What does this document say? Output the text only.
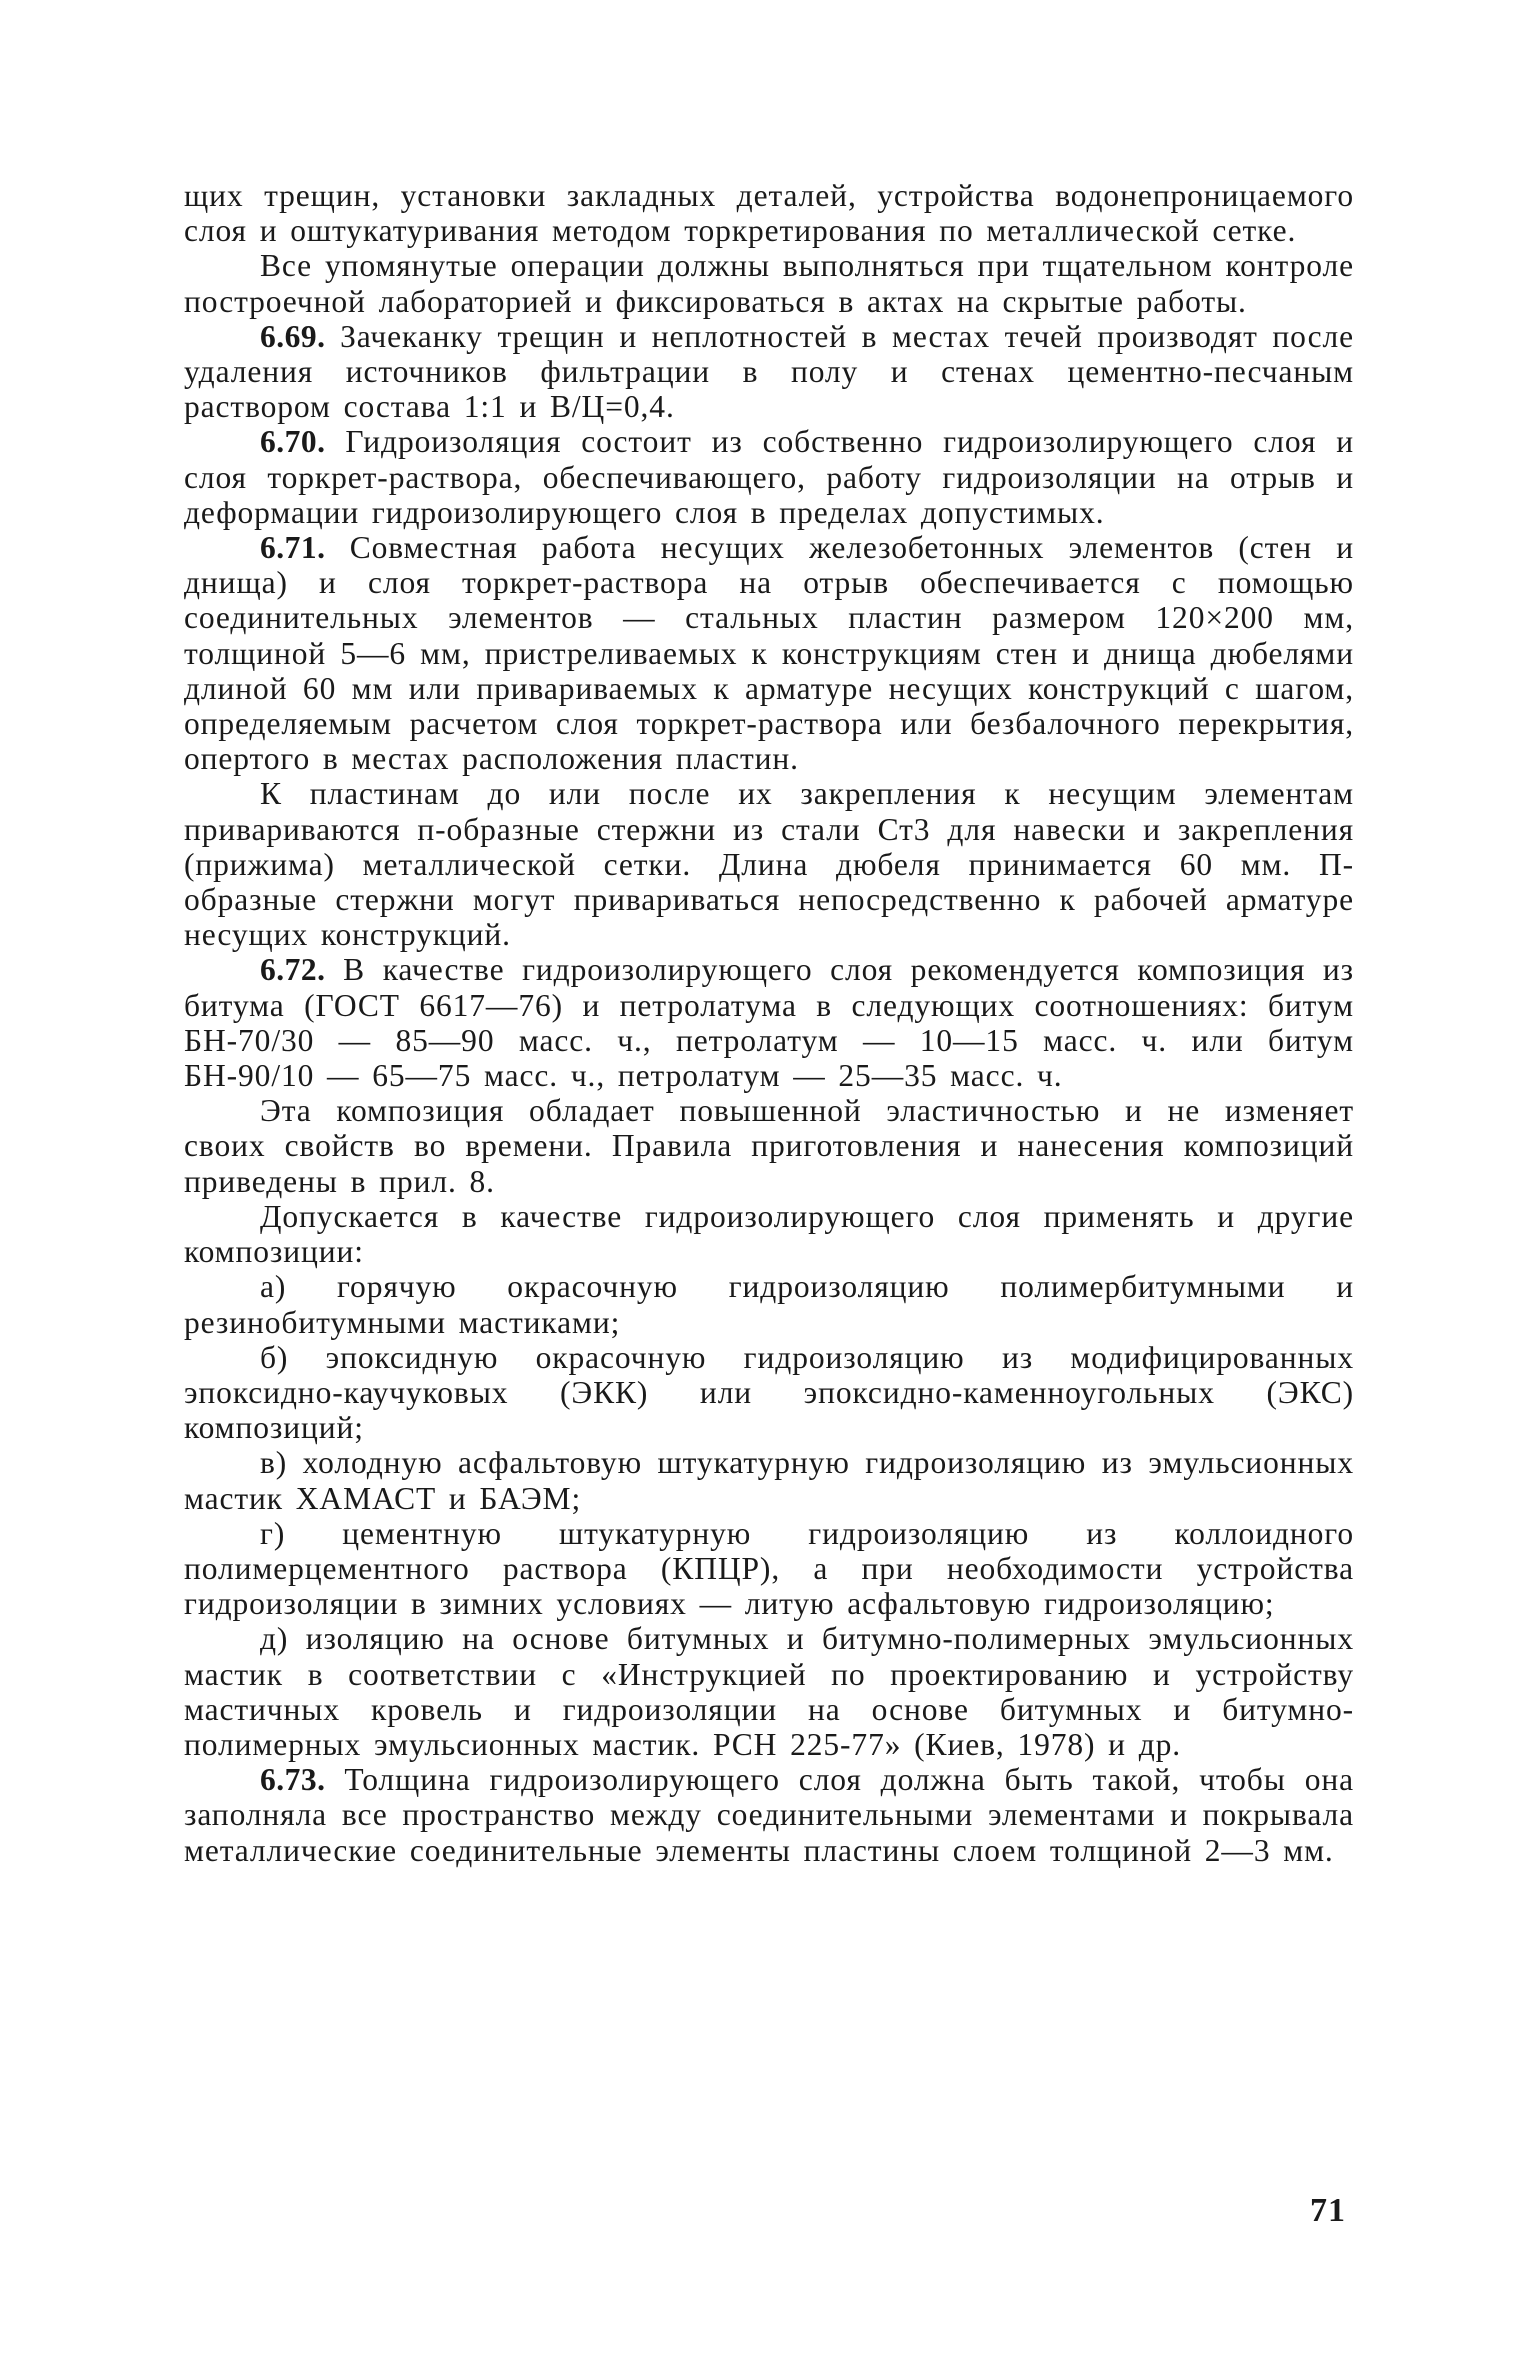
щих трещин, установки закладных деталей, устройства водонепроницаемого слоя и оштукатуривания методом торкретирования по металлической сетке.

Все упомянутые операции должны выполняться при тщательном контроле построечной лабораторией и фиксироваться в актах на скрытые работы.

6.69. Зачеканку трещин и неплотностей в местах течей производят после удаления источников фильтрации в полу и стенах цементно-песчаным раствором состава 1:1 и В/Ц=0,4.

6.70. Гидроизоляция состоит из собственно гидроизолирующего слоя и слоя торкрет-раствора, обеспечивающего, работу гидроизоляции на отрыв и деформации гидроизолирующего слоя в пределах допустимых.

6.71. Совместная работа несущих железобетонных элементов (стен и днища) и слоя торкрет-раствора на отрыв обеспечивается с помощью соединительных элементов — стальных пластин размером 120×200 мм, толщиной 5—6 мм, пристреливаемых к конструкциям стен и днища дюбелями длиной 60 мм или привариваемых к арматуре несущих конструкций с шагом, определяемым расчетом слоя торкрет-раствора или безбалочного перекрытия, опертого в местах расположения пластин.

К пластинам до или после их закрепления к несущим элементам привариваются п-образные стержни из стали Ст3 для навески и закрепления (прижима) металлической сетки. Длина дюбеля принимается 60 мм. П-образные стержни могут привариваться непосредственно к рабочей арматуре несущих конструкций.

6.72. В качестве гидроизолирующего слоя рекомендуется композиция из битума (ГОСТ 6617—76) и петролатума в следующих соотношениях: битум БН-70/30 — 85—90 масс. ч., петролатум — 10—15 масс. ч. или битум БН-90/10 — 65—75 масс. ч., петролатум — 25—35 масс. ч.

Эта композиция обладает повышенной эластичностью и не изменяет своих свойств во времени. Правила приготовления и нанесения композиций приведены в прил. 8.

Допускается в качестве гидроизолирующего слоя применять и другие композиции:

а) горячую окрасочную гидроизоляцию полимербитумными и резинобитумными мастиками;

б) эпоксидную окрасочную гидроизоляцию из модифицированных эпоксидно-каучуковых (ЭКК) или эпоксидно-каменноугольных (ЭКС) композиций;

в) холодную асфальтовую штукатурную гидроизоляцию из эмульсионных мастик ХАМАСТ и БАЭМ;

г) цементную штукатурную гидроизоляцию из коллоидного полимерцементного раствора (КПЦР), а при необходимости устройства гидроизоляции в зимних условиях — литую асфальтовую гидроизоляцию;

д) изоляцию на основе битумных и битумно-полимерных эмульсионных мастик в соответствии с «Инструкцией по проектированию и устройству мастичных кровель и гидроизоляции на основе битумных и битумно-полимерных эмульсионных мастик. РСН 225-77» (Киев, 1978) и др.

6.73. Толщина гидроизолирующего слоя должна быть такой, чтобы она заполняла все пространство между соединительными элементами и покрывала металлические соединительные элементы пластины слоем толщиной 2—3 мм.

71
